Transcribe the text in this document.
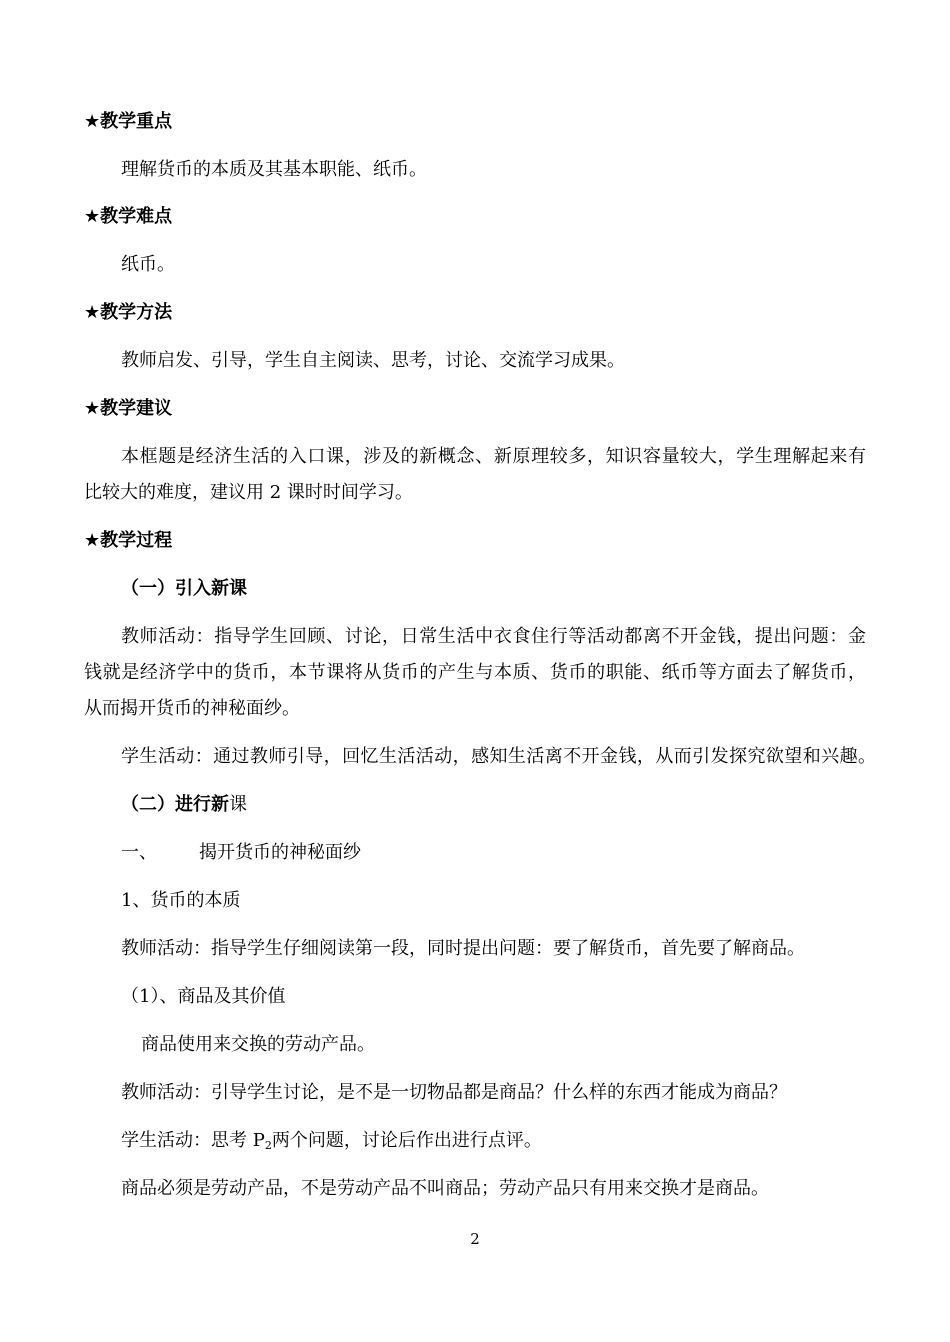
★教学重点
理解货币的本质及其基本职能、纸币。
★教学难点
纸币。
★教学方法
教师启发、引导，学生自主阅读、思考，讨论、交流学习成果。
★教学建议
本框题是经济生活的入口课，涉及的新概念、新原理较多，知识容量较大，学生理解起来有
比较大的难度，建议用 2 课时时间学习。
★教学过程
（一）引入新课
教师活动：指导学生回顾、讨论，日常生活中衣食住行等活动都离不开金钱，提出问题：金
钱就是经济学中的货币，本节课将从货币的产生与本质、货币的职能、纸币等方面去了解货币，
从而揭开货币的神秘面纱。
学生活动：通过教师引导，回忆生活活动，感知生活离不开金钱，从而引发探究欲望和兴趣。
（二）进行新课
一、 揭开货币的神秘面纱
1、货币的本质
教师活动：指导学生仔细阅读第一段，同时提出问题：要了解货币，首先要了解商品。
（1）、商品及其价值
商品使用来交换的劳动产品。
教师活动：引导学生讨论，是不是一切物品都是商品？什么样的东西才能成为商品？
学生活动：思考 $P_2$两个问题，讨论后作出进行点评。
商品必须是劳动产品，不是劳动产品不叫商品；劳动产品只有用来交换才是商品。
2
